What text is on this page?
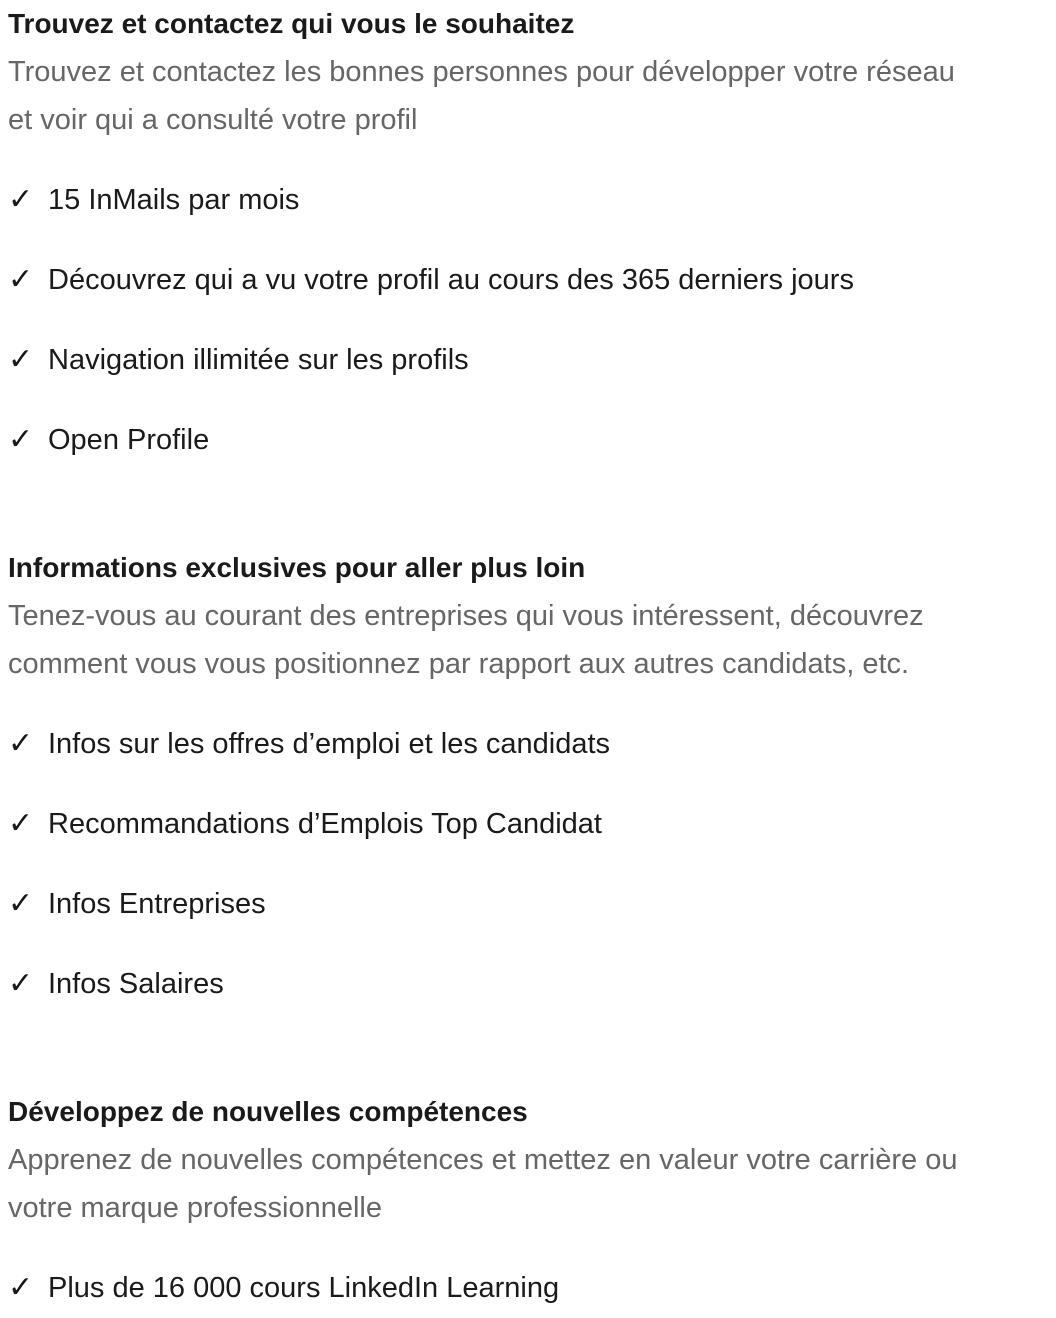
Trouvez et contactez qui vous le souhaitez
Trouvez et contactez les bonnes personnes pour développer votre réseau et voir qui a consulté votre profil
✓ 15 InMails par mois
✓ Découvrez qui a vu votre profil au cours des 365 derniers jours
✓ Navigation illimitée sur les profils
✓ Open Profile
Informations exclusives pour aller plus loin
Tenez-vous au courant des entreprises qui vous intéressent, découvrez comment vous vous positionnez par rapport aux autres candidats, etc.
✓ Infos sur les offres d’emploi et les candidats
✓ Recommandations d’Emplois Top Candidat
✓ Infos Entreprises
✓ Infos Salaires
Développez de nouvelles compétences
Apprenez de nouvelles compétences et mettez en valeur votre carrière ou votre marque professionnelle
✓ Plus de 16 000 cours LinkedIn Learning
